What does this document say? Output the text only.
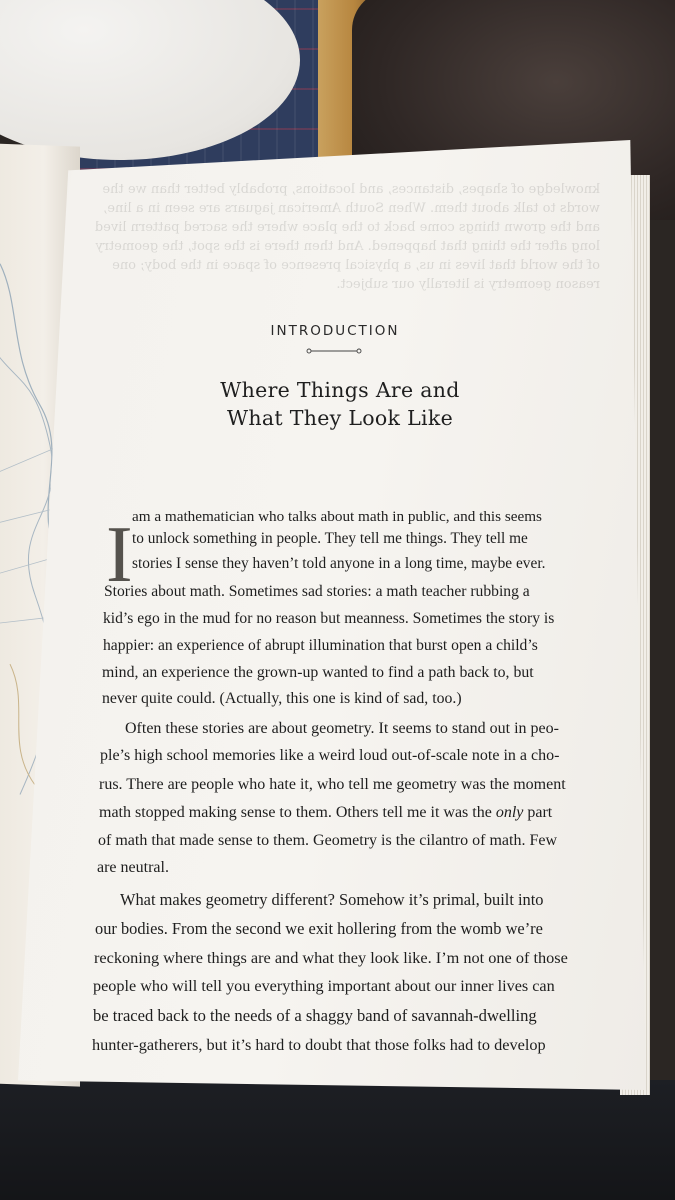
knowledge of shapes, distances, and locations, probably better than we the words to talk about them. When South American jaguars are seen in a line, and the grown things come back to the place where the sacred pattern lived long after the thing that happened. And then there is the spot, the geometry of the world that lives in us, a physical presence of space in the body; one reason geometry is literally our subject.
INTRODUCTION
Where Things Are and
What They Look Like
I am a mathematician who talks about math in public, and this seems
to unlock something in people. They tell me things. They tell me
stories I sense they haven’t told anyone in a long time, maybe ever.
Stories about math. Sometimes sad stories: a math teacher rubbing a
kid’s ego in the mud for no reason but meanness. Sometimes the story is
happier: an experience of abrupt illumination that burst open a child’s
mind, an experience the grown-up wanted to find a path back to, but
never quite could. (Actually, this one is kind of sad, too.)
Often these stories are about geometry. It seems to stand out in peo-
ple’s high school memories like a weird loud out-of-scale note in a cho-
rus. There are people who hate it, who tell me geometry was the moment
math stopped making sense to them. Others tell me it was the only part
of math that made sense to them. Geometry is the cilantro of math. Few
are neutral.
What makes geometry different? Somehow it’s primal, built into
our bodies. From the second we exit hollering from the womb we’re
reckoning where things are and what they look like. I’m not one of those
people who will tell you everything important about our inner lives can
be traced back to the needs of a shaggy band of savannah-dwelling
hunter-gatherers, but it’s hard to doubt that those folks had to develop
